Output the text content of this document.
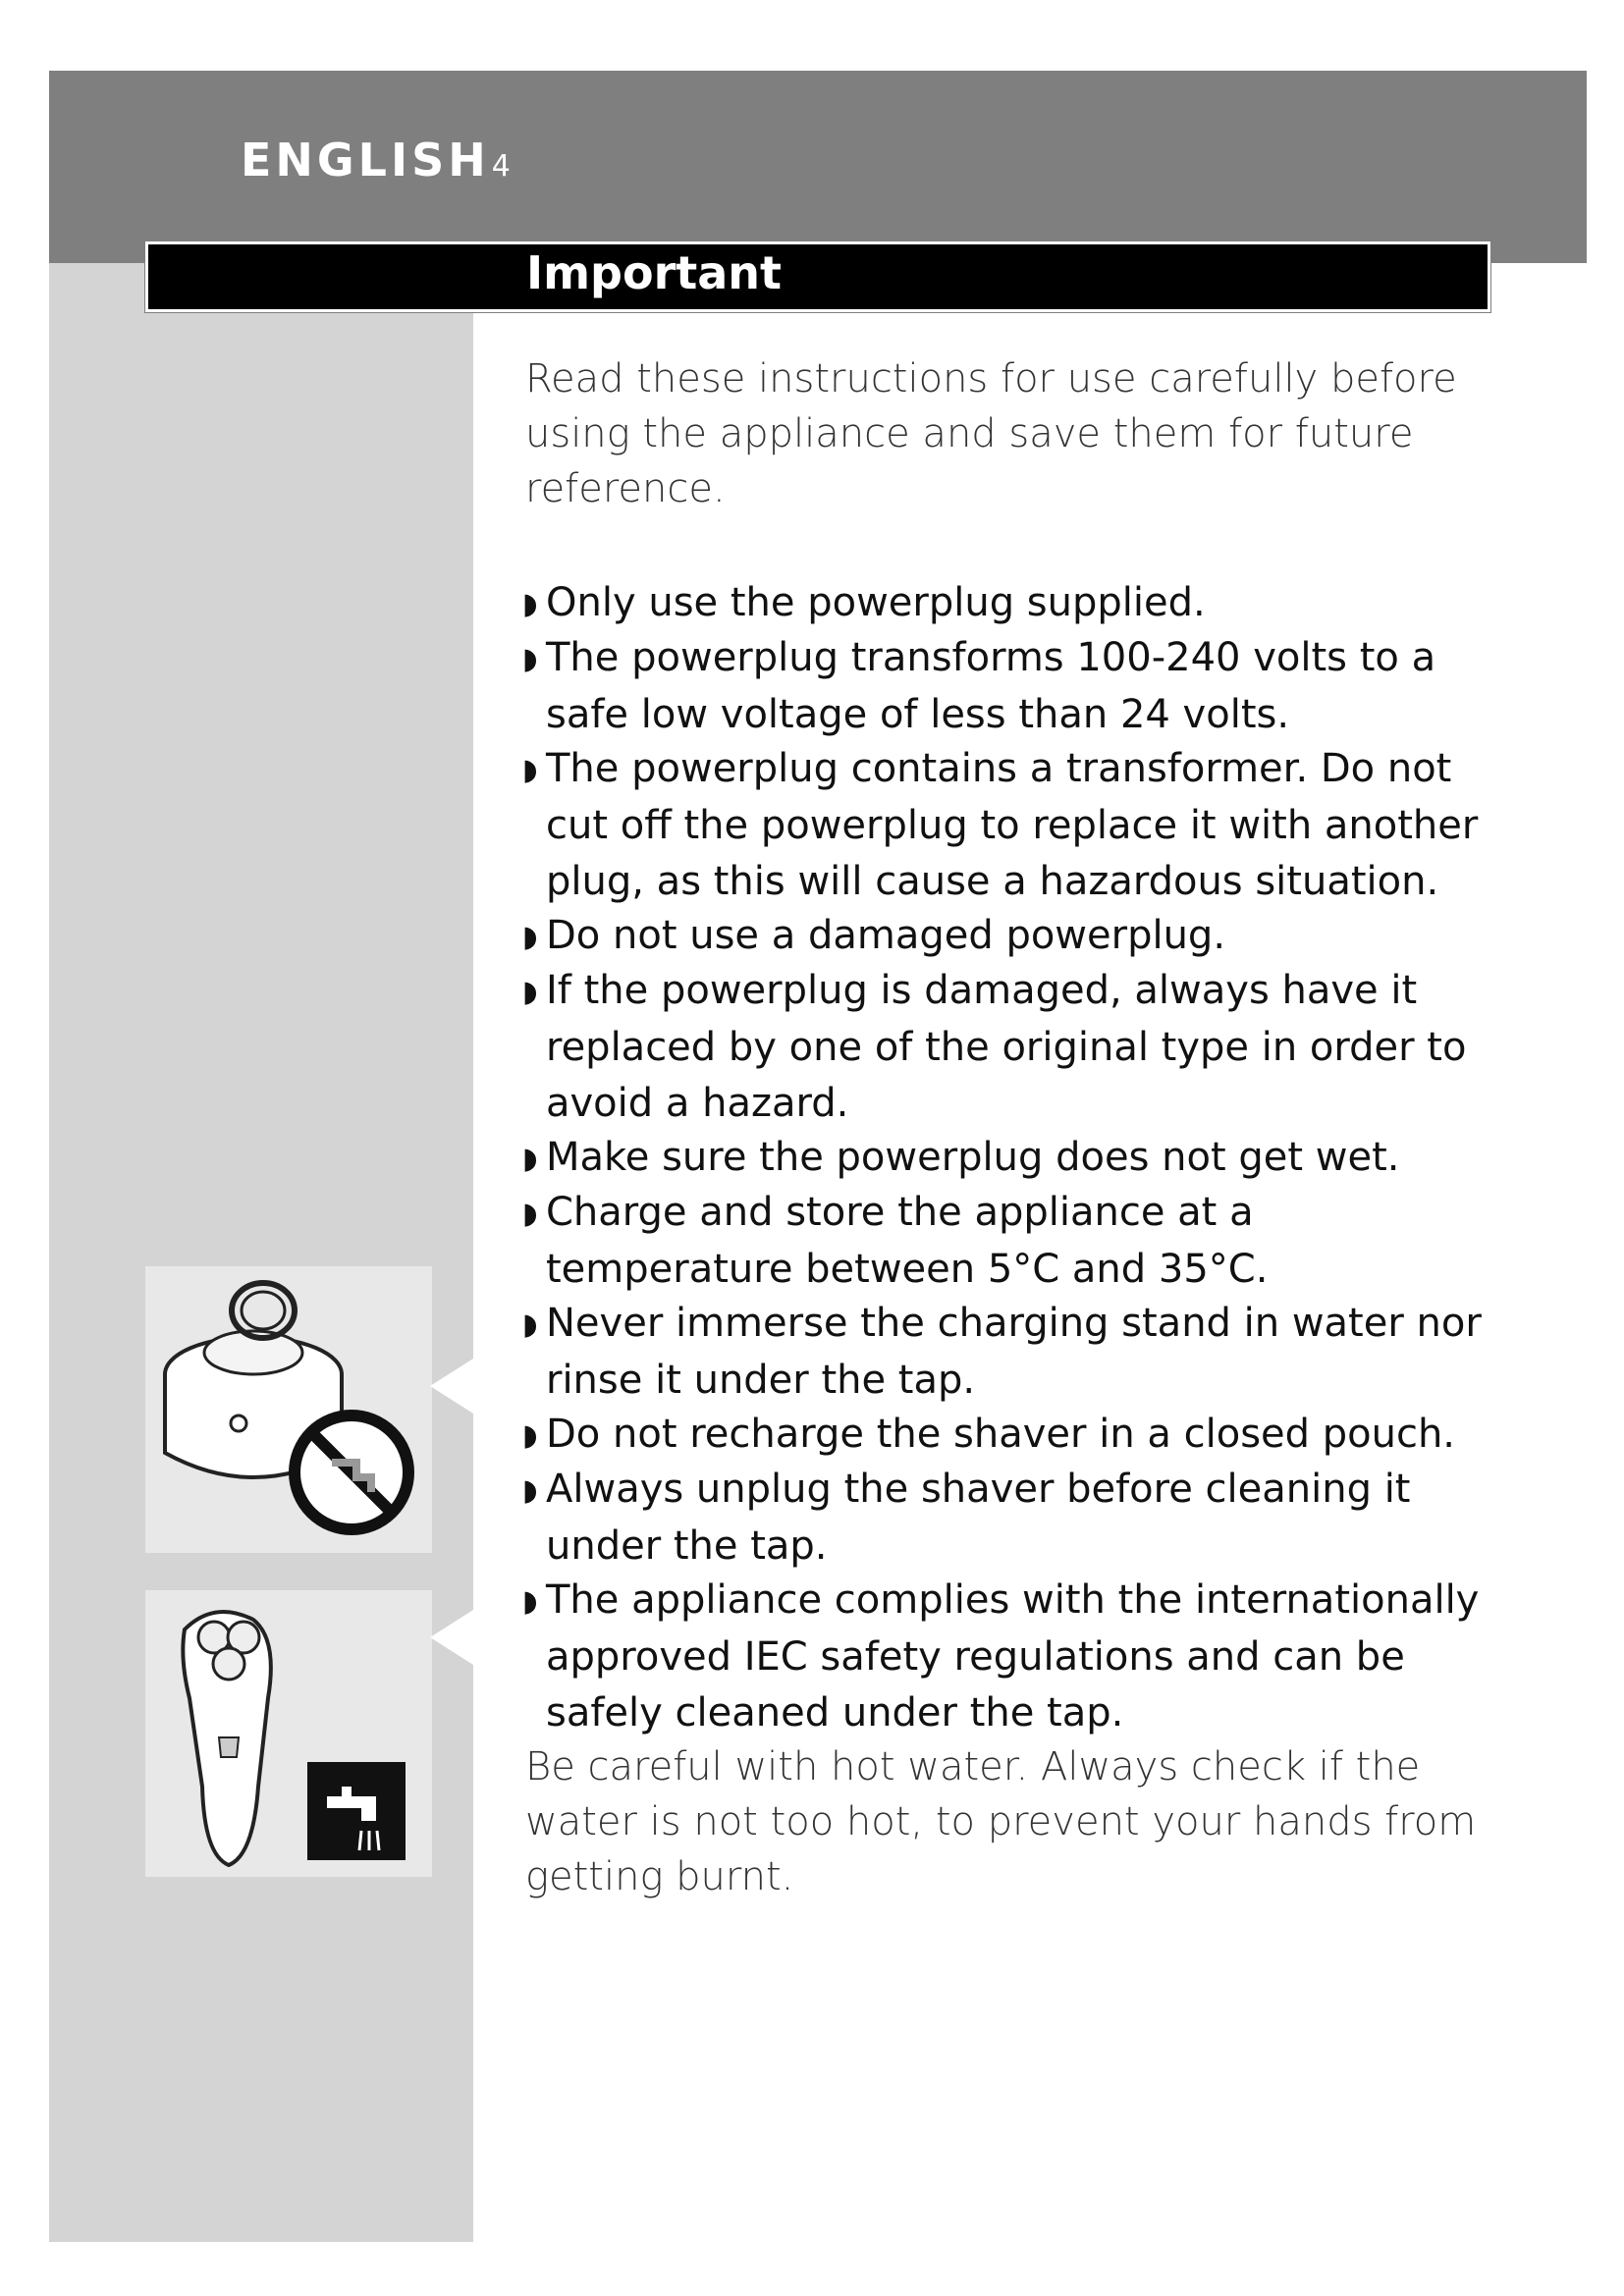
ENGLISH4
Important

Read these instructions for use carefully before using the appliance and save them for future reference.

◗ Only use the powerplug supplied.
◗ The powerplug transforms 100-240 volts to a safe low voltage of less than 24 volts.
◗ The powerplug contains a transformer. Do not cut off the powerplug to replace it with another plug, as this will cause a hazardous situation.
◗ Do not use a damaged powerplug.
◗ If the powerplug is damaged, always have it replaced by one of the original type in order to avoid a hazard.
◗ Make sure the powerplug does not get wet.
◗ Charge and store the appliance at a temperature between 5°C and 35°C.
◗ Never immerse the charging stand in water nor rinse it under the tap.
◗ Do not recharge the shaver in a closed pouch.
◗ Always unplug the shaver before cleaning it under the tap.
◗ The appliance complies with the internationally approved IEC safety regulations and can be safely cleaned under the tap.

Be careful with hot water. Always check if the water is not too hot, to prevent your hands from getting burnt.
